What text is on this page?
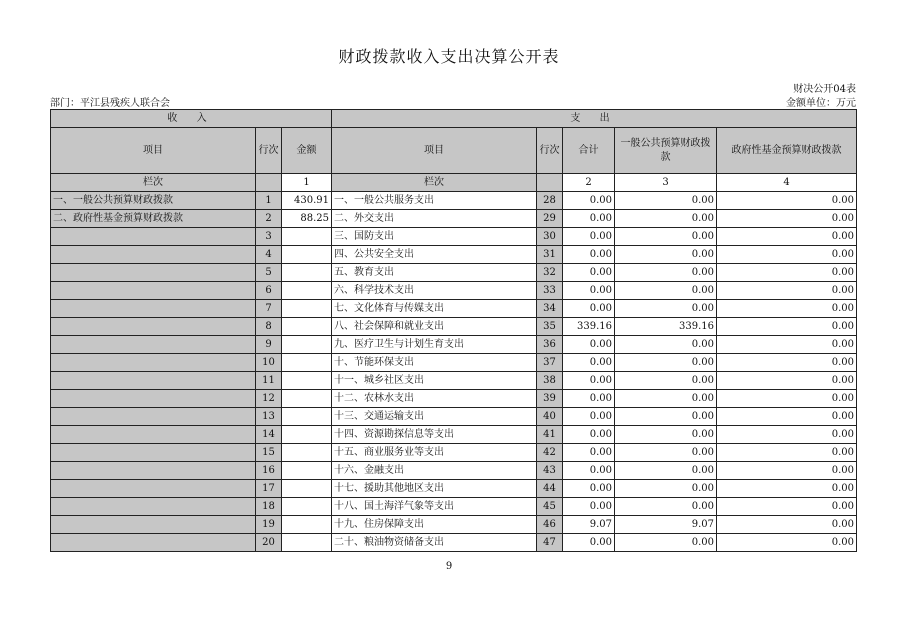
财政拨款收入支出决算公开表
财决公开04表
部门：平江县残疾人联合会	金额单位：万元
收 入			支 出				
项目	行次	金额	项目	行次	合计	一般公共预算财政拨款	政府性基金预算财政拨款
栏次		1	栏次		2	3	4
一、一般公共预算财政拨款	1	430.91	一、一般公共服务支出	28	0.00	0.00	0.00
二、政府性基金预算财政拨款	2	88.25	二、外交支出	29	0.00	0.00	0.00
	3		三、国防支出	30	0.00	0.00	0.00
	4		四、公共安全支出	31	0.00	0.00	0.00
	5		五、教育支出	32	0.00	0.00	0.00
	6		六、科学技术支出	33	0.00	0.00	0.00
	7		七、文化体育与传媒支出	34	0.00	0.00	0.00
	8		八、社会保障和就业支出	35	339.16	339.16	0.00
	9		九、医疗卫生与计划生育支出	36	0.00	0.00	0.00
	10		十、节能环保支出	37	0.00	0.00	0.00
	11		十一、城乡社区支出	38	0.00	0.00	0.00
	12		十二、农林水支出	39	0.00	0.00	0.00
	13		十三、交通运输支出	40	0.00	0.00	0.00
	14		十四、资源勘探信息等支出	41	0.00	0.00	0.00
	15		十五、商业服务业等支出	42	0.00	0.00	0.00
	16		十六、金融支出	43	0.00	0.00	0.00
	17		十七、援助其他地区支出	44	0.00	0.00	0.00
	18		十八、国土海洋气象等支出	45	0.00	0.00	0.00
	19		十九、住房保障支出	46	9.07	9.07	0.00
	20		二十、粮油物资储备支出	47	0.00	0.00	0.00
9
